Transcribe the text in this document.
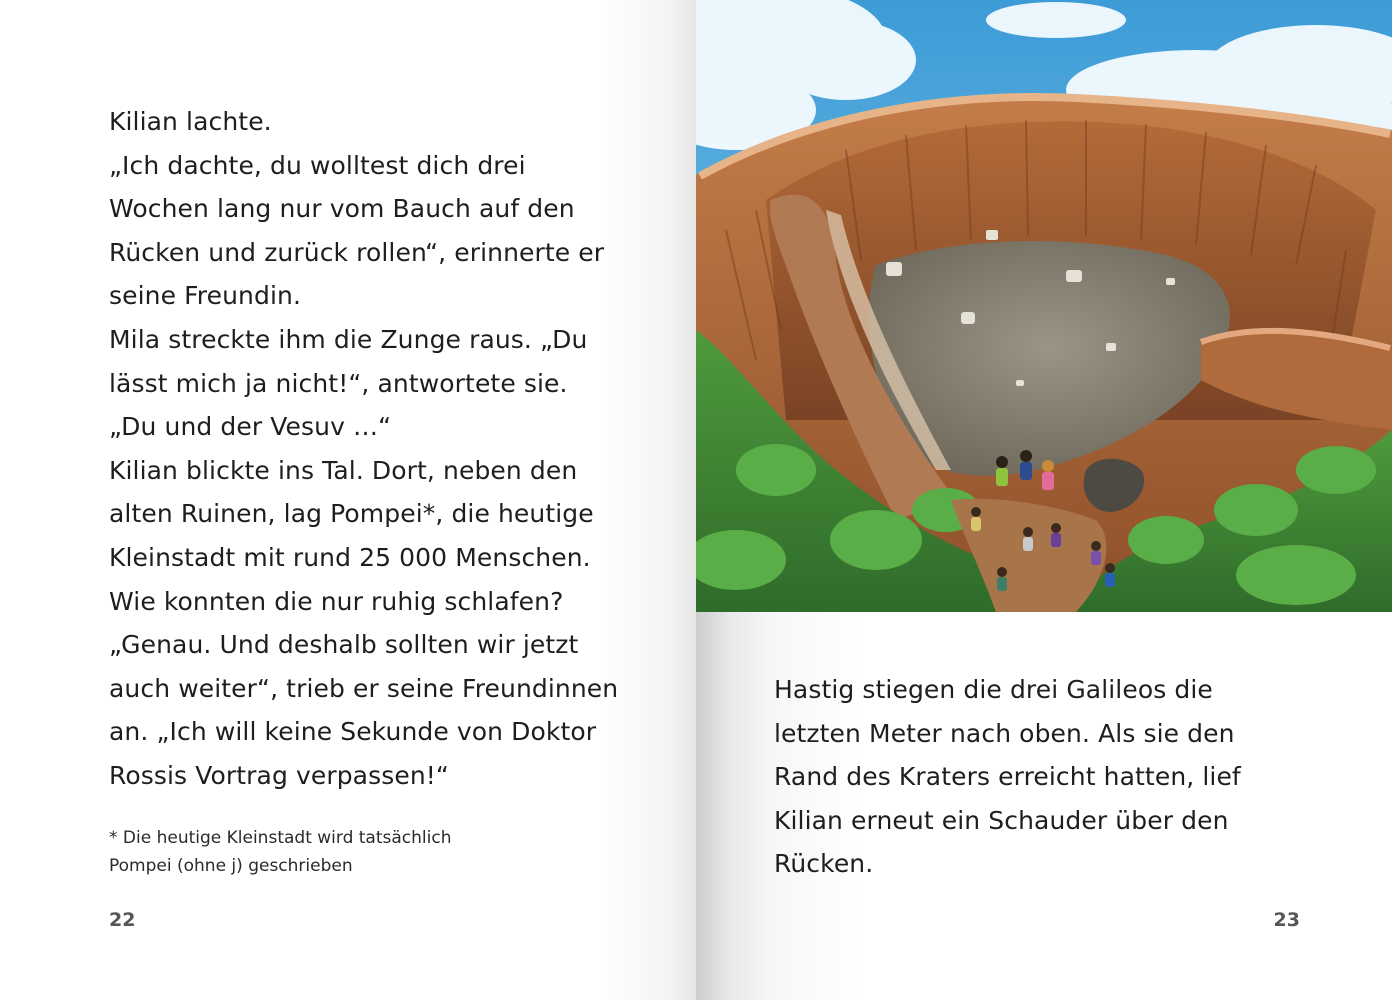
Kilian lachte.
„Ich dachte, du wolltest dich drei
Wochen lang nur vom Bauch auf den
Rücken und zurück rollen“, erinnerte er
seine Freundin.
Mila streckte ihm die Zunge raus. „Du
lässt mich ja nicht!“, antwortete sie.
„Du und der Vesuv …“
Kilian blickte ins Tal. Dort, neben den
alten Ruinen, lag Pompei*, die heutige
Kleinstadt mit rund 25 000 Menschen.
Wie konnten die nur ruhig schlafen?
„Genau. Und deshalb sollten wir jetzt
auch weiter“, trieb er seine Freundinnen
an. „Ich will keine Sekunde von Doktor
Rossis Vortrag verpassen!“

* Die heutige Kleinstadt wird tatsächlich
Pompei (ohne j) geschrieben

22

Hastig stiegen die drei Galileos die
letzten Meter nach oben. Als sie den
Rand des Kraters erreicht hatten, lief
Kilian erneut ein Schauder über den
Rücken.

23
